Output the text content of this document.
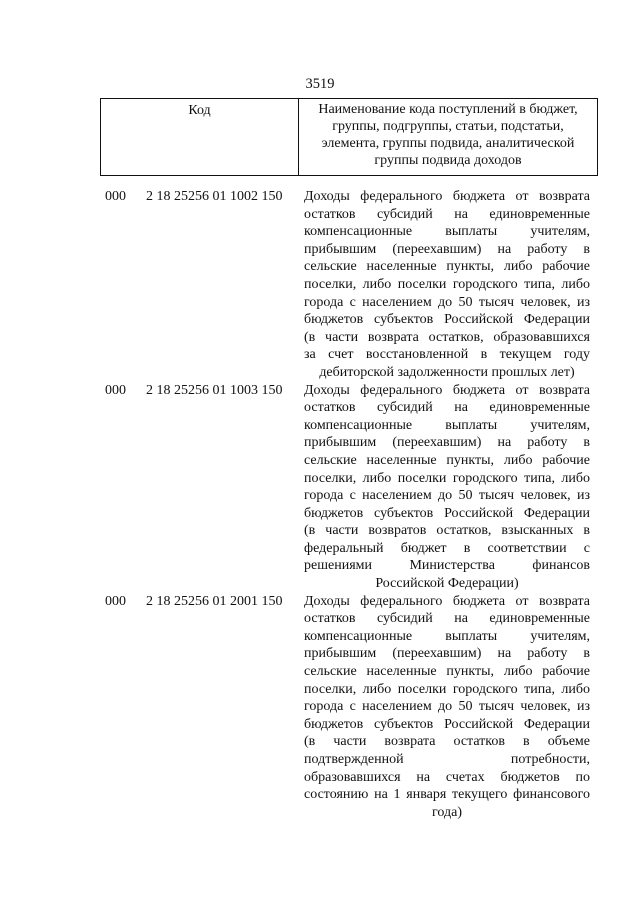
3519
Код	Наименование кода поступлений в бюджет,
группы, подгруппы, статьи, подстатьи,
элемента, группы подвида, аналитической
группы подвида доходов
000 2 18 25256 01 1002 150 Доходы федерального бюджета от возврата
остатков субсидий на единовременные
компенсационные выплаты учителям,
прибывшим (переехавшим) на работу в
сельские населенные пункты, либо рабочие
поселки, либо поселки городского типа, либо
города с населением до 50 тысяч человек, из
бюджетов субъектов Российской Федерации
(в части возврата остатков, образовавшихся
за счет восстановленной в текущем году
дебиторской задолженности прошлых лет)
000 2 18 25256 01 1003 150 Доходы федерального бюджета от возврата
остатков субсидий на единовременные
компенсационные выплаты учителям,
прибывшим (переехавшим) на работу в
сельские населенные пункты, либо рабочие
поселки, либо поселки городского типа, либо
города с населением до 50 тысяч человек, из
бюджетов субъектов Российской Федерации
(в части возвратов остатков, взысканных в
федеральный бюджет в соответствии с
решениями Министерства финансов
Российской Федерации)
000 2 18 25256 01 2001 150 Доходы федерального бюджета от возврата
остатков субсидий на единовременные
компенсационные выплаты учителям,
прибывшим (переехавшим) на работу в
сельские населенные пункты, либо рабочие
поселки, либо поселки городского типа, либо
города с населением до 50 тысяч человек, из
бюджетов субъектов Российской Федерации
(в части возврата остатков в объеме
подтвержденной потребности,
образовавшихся на счетах бюджетов по
состоянию на 1 января текущего финансового
года)
